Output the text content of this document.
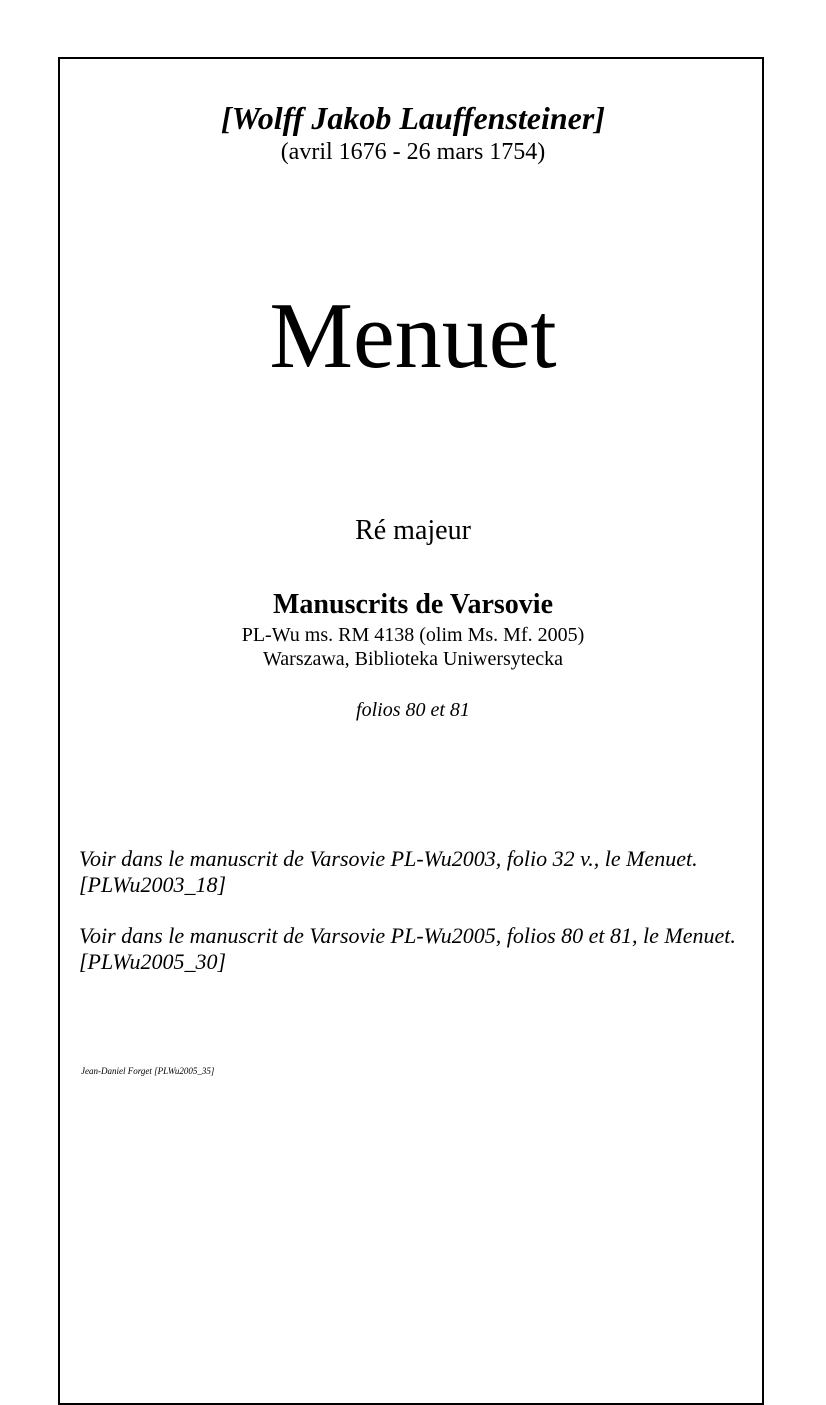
[Wolff Jakob Lauffensteiner]
(avril 1676 - 26 mars 1754)
Menuet
Ré majeur
Manuscrits de Varsovie
PL-Wu ms. RM 4138 (olim Ms. Mf. 2005)
Warszawa, Biblioteka Uniwersytecka
folios 80 et 81
Voir dans le manuscrit de Varsovie PL-Wu2003, folio 32 v., le Menuet.
[PLWu2003_18]
Voir dans le manuscrit de Varsovie PL-Wu2005, folios 80 et 81, le Menuet.
[PLWu2005_30]
Jean-Daniel Forget [PLWu2005_35]
